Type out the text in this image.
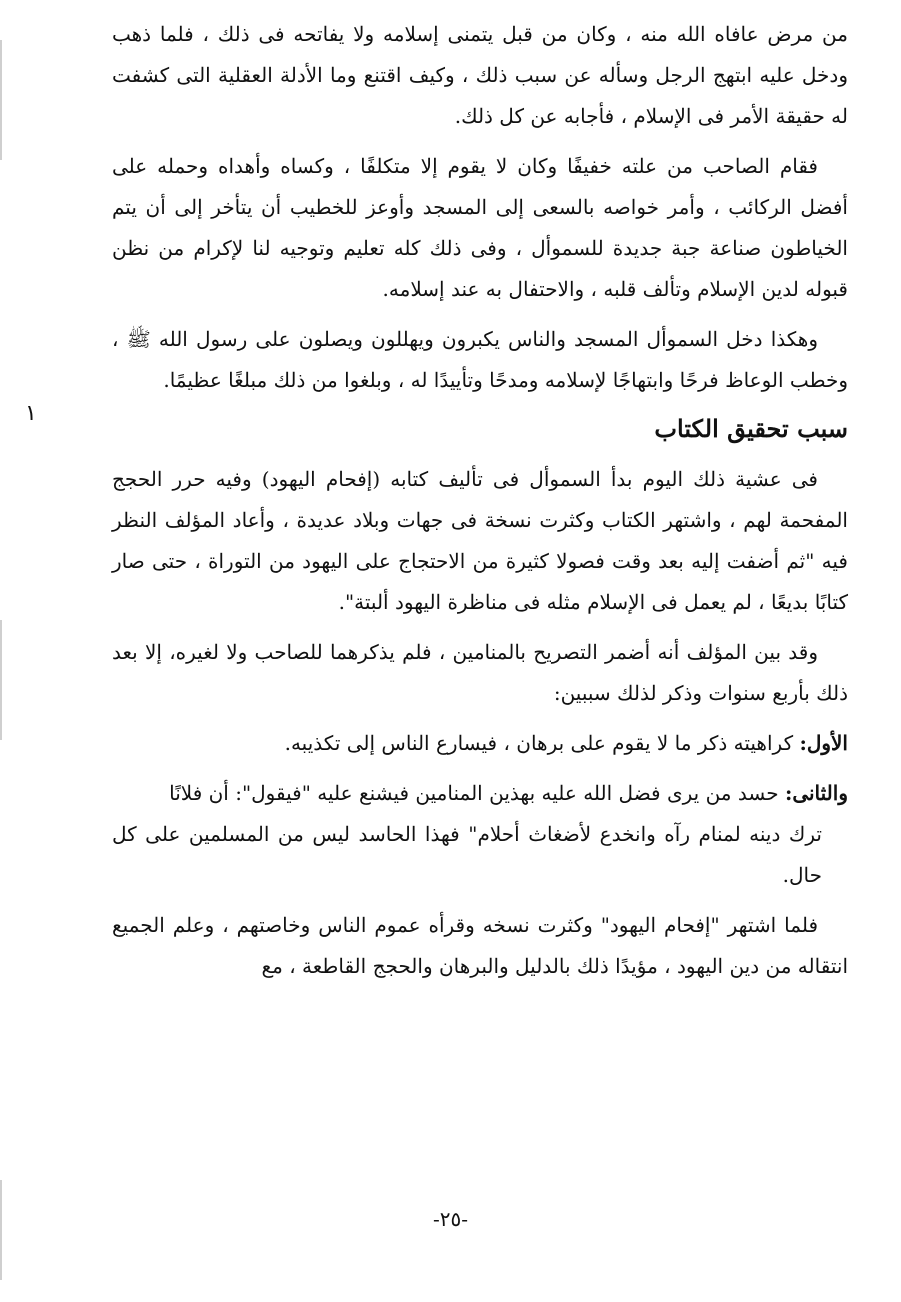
من مرض عافاه الله منه ، وكان من قبل يتمنى إسلامه ولا يفاتحه فى ذلك ، فلما ذهب ودخل عليه ابتهج الرجل وسأله عن سبب ذلك ، وكيف اقتنع وما الأدلة العقلية التى كشفت له حقيقة الأمر فى الإسلام ، فأجابه عن كل ذلك.

فقام الصاحب من علته خفيفًا وكان لا يقوم إلا متكلفًا ، وكساه وأهداه وحمله على أفضل الركائب ، وأمر خواصه بالسعى إلى المسجد وأوعز للخطيب أن يتأخر إلى أن يتم الخياطون صناعة جبة جديدة للسموأل ، وفى ذلك كله تعليم وتوجيه لنا لإكرام من نظن قبوله لدين الإسلام وتألف قلبه ، والاحتفال به عند إسلامه.

وهكذا دخل السموأل المسجد والناس يكبرون ويهللون ويصلون على رسول الله ﷺ ، وخطب الوعاظ فرحًا وابتهاجًا لإسلامه ومدحًا وتأييدًا له ، وبلغوا من ذلك مبلغًا عظيمًا.

سبب تحقيق الكتاب

فى عشية ذلك اليوم بدأ السموأل فى تأليف كتابه (إفحام اليهود) وفيه حرر الحجج المفحمة لهم ، واشتهر الكتاب وكثرت نسخة فى جهات وبلاد عديدة ، وأعاد المؤلف النظر فيه "ثم أضفت إليه بعد وقت فصولا كثيرة من الاحتجاج على اليهود من التوراة ، حتى صار كتابًا بديعًا ، لم يعمل فى الإسلام مثله فى مناظرة اليهود ألبتة".

وقد بين المؤلف أنه أضمر التصريح بالمنامين ، فلم يذكرهما للصاحب ولا لغيره، إلا بعد ذلك بأربع سنوات وذكر لذلك سببين:

الأول: كراهيته ذكر ما لا يقوم على برهان ، فيسارع الناس إلى تكذيبه.

والثانى: حسد من يرى فضل الله عليه بهذين المنامين فيشنع عليه "فيقول": أن فلانًا

ترك دينه لمنام رآه وانخدع لأضغاث أحلام" فهذا الحاسد ليس من المسلمين على كل حال.

فلما اشتهر "إفحام اليهود" وكثرت نسخه وقرأه عموم الناس وخاصتهم ، وعلم الجميع انتقاله من دين اليهود ، مؤيدًا ذلك بالدليل والبرهان والحجج القاطعة ، مع

١
-٢٥-
